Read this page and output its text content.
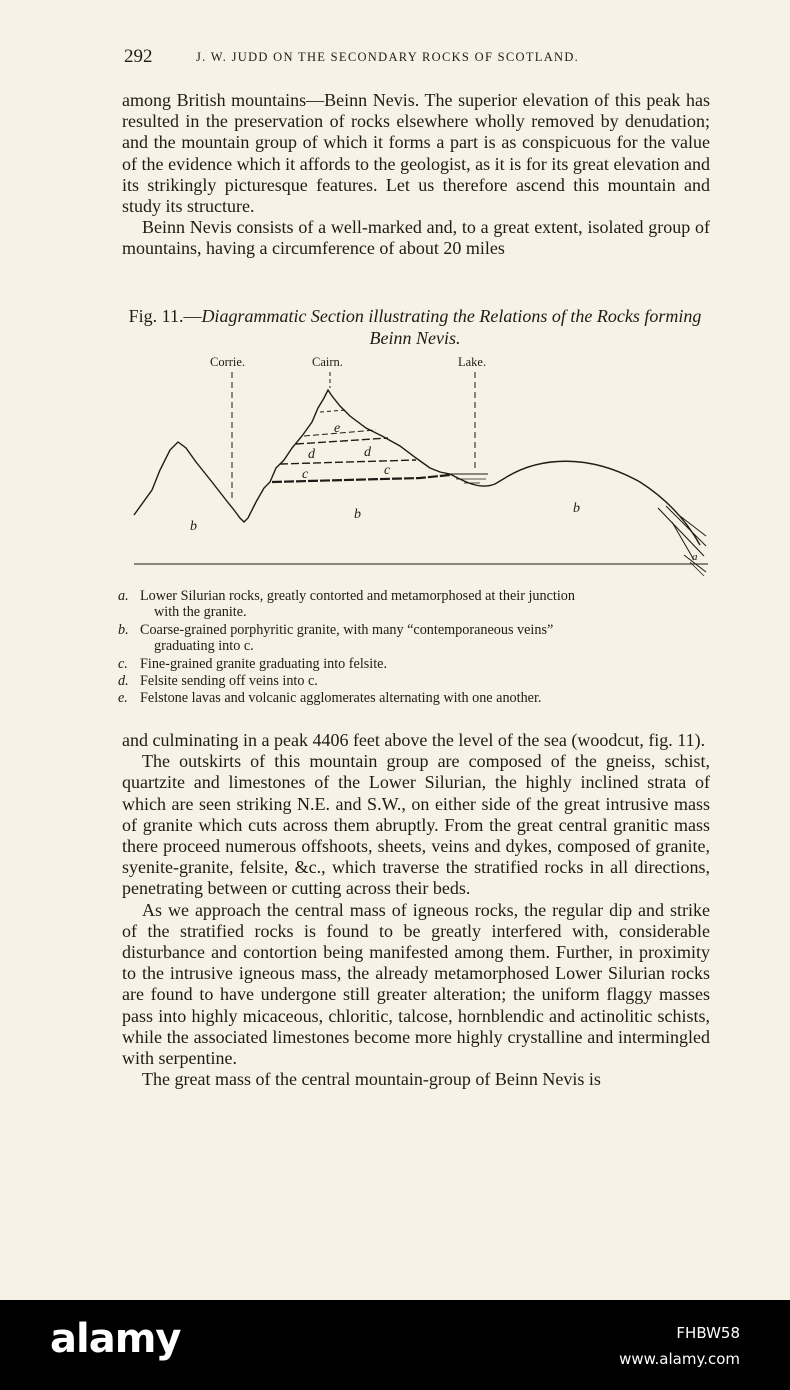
292	J. W. JUDD ON THE SECONDARY ROCKS OF SCOTLAND.

among British mountains—Beinn Nevis. The superior elevation of this peak has resulted in the preservation of rocks elsewhere wholly removed by denudation; and the mountain group of which it forms a part is as conspicuous for the value of the evidence which it affords to the geologist, as it is for its great elevation and its strikingly picturesque features. Let us therefore ascend this mountain and study its structure.

Beinn Nevis consists of a well-marked and, to a great extent, isolated group of mountains, having a circumference of about 20 miles

Fig. 11.—Diagrammatic Section illustrating the Relations of the Rocks forming Beinn Nevis.
b
b	b
e
d	d
c	c
a
Corrie.	Cairn.	Lake.
a. Lower Silurian rocks, greatly contorted and metamorphosed at their junction
with the granite.
b. Coarse-grained porphyritic granite, with many “contemporaneous veins”
graduating into c.
c. Fine-grained granite graduating into felsite.
d. Felsite sending off veins into c.
e. Felstone lavas and volcanic agglomerates alternating with one another.

and culminating in a peak 4406 feet above the level of the sea (woodcut, fig. 11).

The outskirts of this mountain group are composed of the gneiss, schist, quartzite and limestones of the Lower Silurian, the highly inclined strata of which are seen striking N.E. and S.W., on either side of the great intrusive mass of granite which cuts across them abruptly. From the great central granitic mass there proceed numerous offshoots, sheets, veins and dykes, composed of granite, syenite-granite, felsite, &c., which traverse the stratified rocks in all directions, penetrating between or cutting across their beds.

As we approach the central mass of igneous rocks, the regular dip and strike of the stratified rocks is found to be greatly interfered with, considerable disturbance and contortion being manifested among them. Further, in proximity to the intrusive igneous mass, the already metamorphosed Lower Silurian rocks are found to have undergone still greater alteration; the uniform flaggy masses pass into highly micaceous, chloritic, talcose, hornblendic and actinolitic schists, while the associated limestones become more highly crystalline and intermingled with serpentine.

The great mass of the central mountain-group of Beinn Nevis is

alamy	FHBW58
www.alamy.com
